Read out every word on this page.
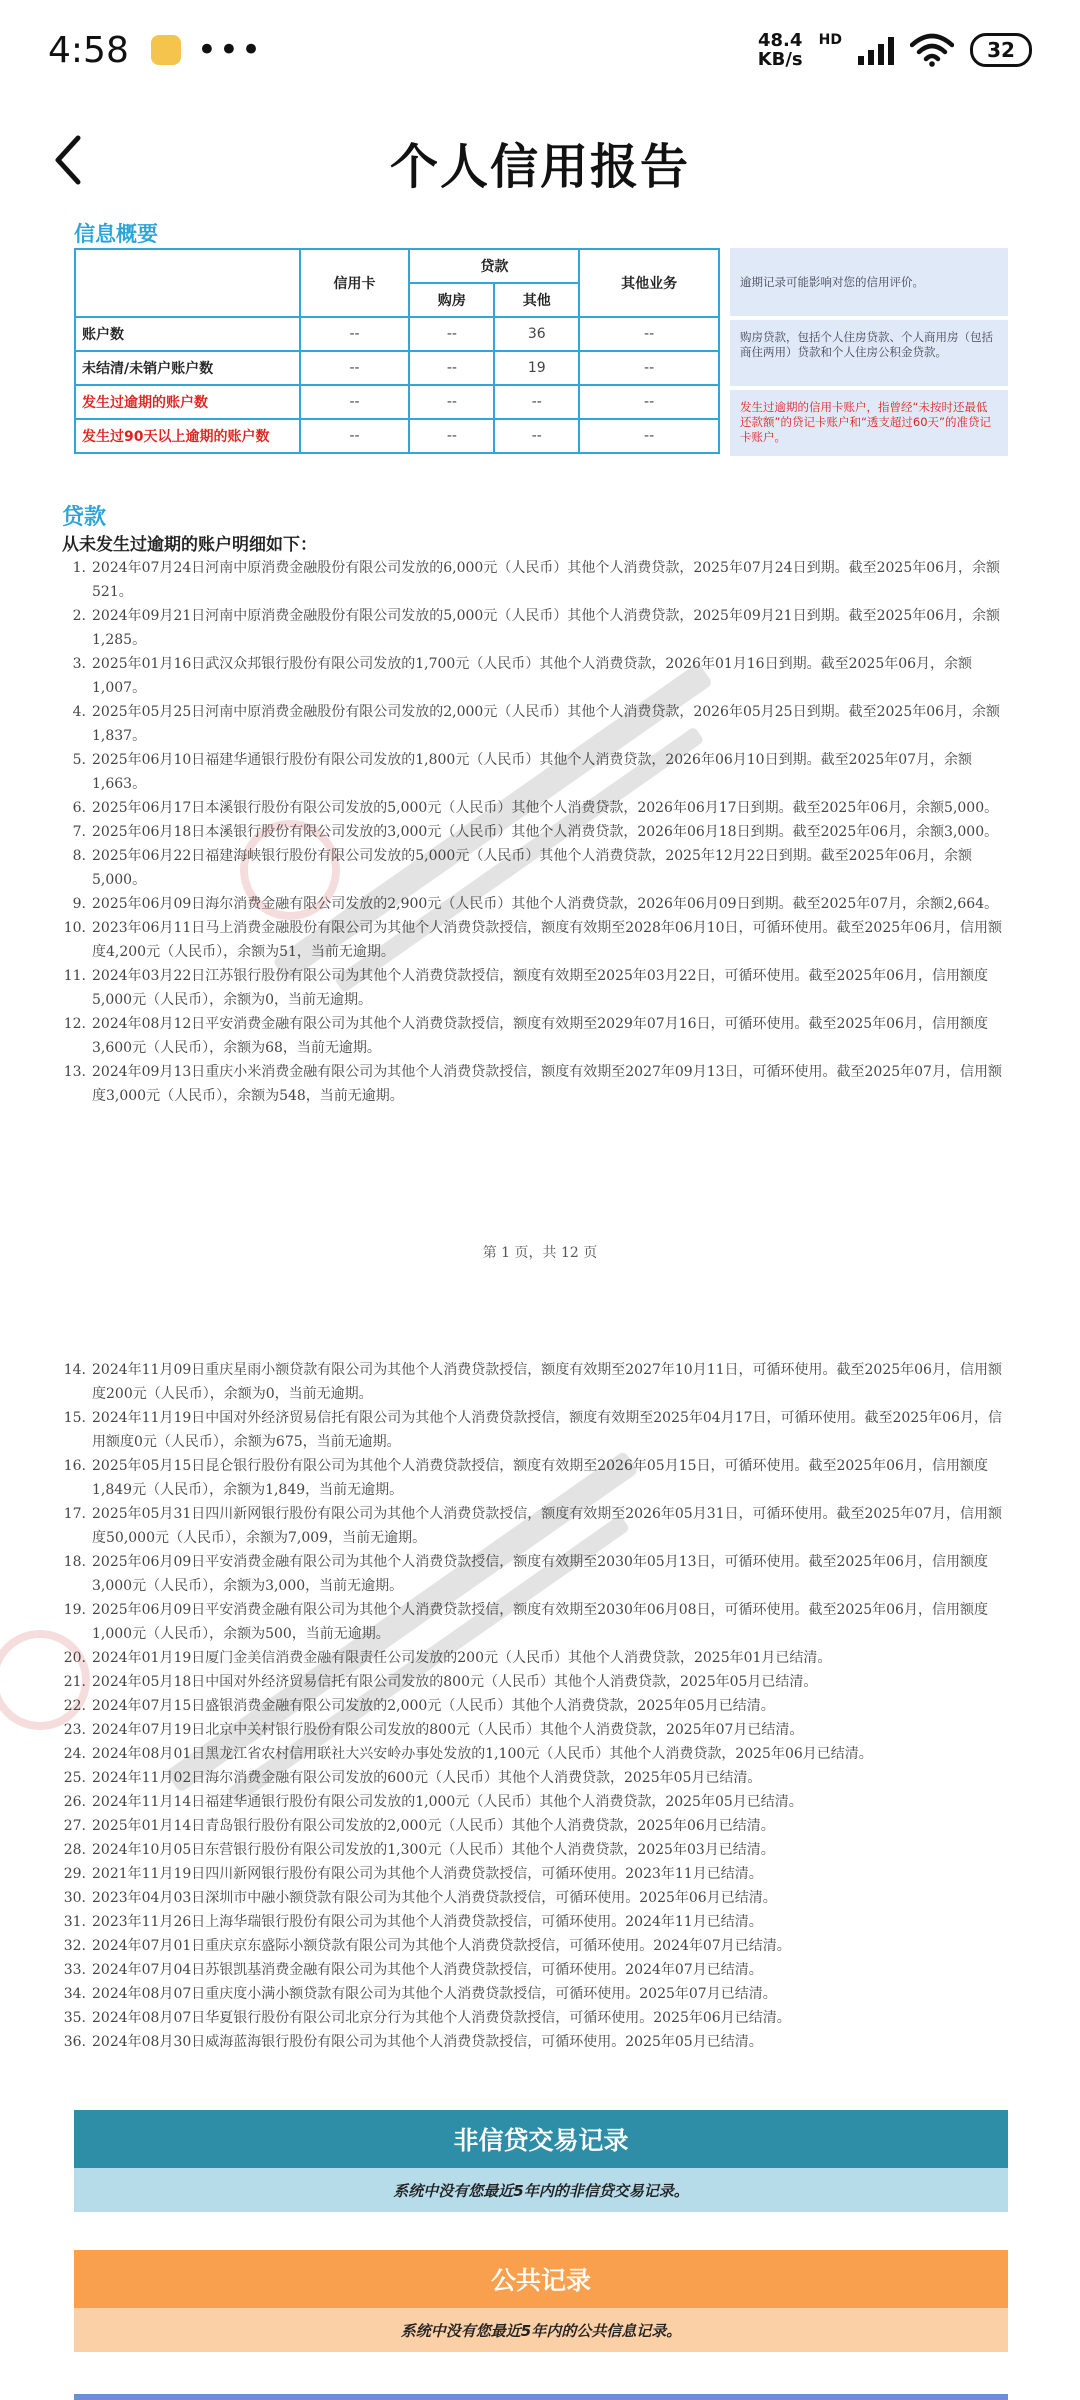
4:58 •••	48.4
KB/s
HD	32
个人信用报告
信息概要
	信用卡	贷款		其他业务
		购房	其他	
账户数	--	--	36	--
未结清/未销户账户数	--	--	19	--
发生过逾期的账户数	--	--	--	--
发生过90天以上逾期的账户数	--	--	--	--
逾期记录可能影响对您的信用评价。
购房贷款，包括个人住房贷款、个人商用房（包括商住两用）贷款和个人住房公积金贷款。
发生过逾期的信用卡账户，指曾经“未按时还最低还款额”的贷记卡账户和“透支超过60天”的准贷记卡账户。
贷款
从未发生过逾期的账户明细如下：
1. 2024年07月24日河南中原消费金融股份有限公司发放的6,000元（人民币）其他个人消费贷款，2025年07月24日到期。截至2025年06月，余额521。
2. 2024年09月21日河南中原消费金融股份有限公司发放的5,000元（人民币）其他个人消费贷款，2025年09月21日到期。截至2025年06月，余额1,285。
3. 2025年01月16日武汉众邦银行股份有限公司发放的1,700元（人民币）其他个人消费贷款，2026年01月16日到期。截至2025年06月，余额1,007。
4. 2025年05月25日河南中原消费金融股份有限公司发放的2,000元（人民币）其他个人消费贷款，2026年05月25日到期。截至2025年06月，余额1,837。
5. 2025年06月10日福建华通银行股份有限公司发放的1,800元（人民币）其他个人消费贷款，2026年06月10日到期。截至2025年07月，余额1,663。
6. 2025年06月17日本溪银行股份有限公司发放的5,000元（人民币）其他个人消费贷款，2026年06月17日到期。截至2025年06月，余额5,000。
7. 2025年06月18日本溪银行股份有限公司发放的3,000元（人民币）其他个人消费贷款，2026年06月18日到期。截至2025年06月，余额3,000。
8. 2025年06月22日福建海峡银行股份有限公司发放的5,000元（人民币）其他个人消费贷款，2025年12月22日到期。截至2025年06月，余额5,000。
9. 2025年06月09日海尔消费金融有限公司发放的2,900元（人民币）其他个人消费贷款，2026年06月09日到期。截至2025年07月，余额2,664。
10. 2023年06月11日马上消费金融股份有限公司为其他个人消费贷款授信，额度有效期至2028年06月10日，可循环使用。截至2025年06月，信用额度4,200元（人民币），余额为51，当前无逾期。
11. 2024年03月22日江苏银行股份有限公司为其他个人消费贷款授信，额度有效期至2025年03月22日，可循环使用。截至2025年06月，信用额度5,000元（人民币），余额为0，当前无逾期。
12. 2024年08月12日平安消费金融有限公司为其他个人消费贷款授信，额度有效期至2029年07月16日，可循环使用。截至2025年06月，信用额度3,600元（人民币），余额为68，当前无逾期。
13. 2024年09月13日重庆小米消费金融有限公司为其他个人消费贷款授信，额度有效期至2027年09月13日，可循环使用。截至2025年07月，信用额度3,000元（人民币），余额为548，当前无逾期。
第 1 页，共 12 页
14. 2024年11月09日重庆星雨小额贷款有限公司为其他个人消费贷款授信，额度有效期至2027年10月11日，可循环使用。截至2025年06月，信用额度200元（人民币），余额为0，当前无逾期。
15. 2024年11月19日中国对外经济贸易信托有限公司为其他个人消费贷款授信，额度有效期至2025年04月17日，可循环使用。截至2025年06月，信用额度0元（人民币），余额为675，当前无逾期。
16. 2025年05月15日昆仑银行股份有限公司为其他个人消费贷款授信，额度有效期至2026年05月15日，可循环使用。截至2025年06月，信用额度1,849元（人民币），余额为1,849，当前无逾期。
17. 2025年05月31日四川新网银行股份有限公司为其他个人消费贷款授信，额度有效期至2026年05月31日，可循环使用。截至2025年07月，信用额度50,000元（人民币），余额为7,009，当前无逾期。
18. 2025年06月09日平安消费金融有限公司为其他个人消费贷款授信，额度有效期至2030年05月13日，可循环使用。截至2025年06月，信用额度3,000元（人民币），余额为3,000，当前无逾期。
19. 2025年06月09日平安消费金融有限公司为其他个人消费贷款授信，额度有效期至2030年06月08日，可循环使用。截至2025年06月，信用额度1,000元（人民币），余额为500，当前无逾期。
20. 2024年01月19日厦门金美信消费金融有限责任公司发放的200元（人民币）其他个人消费贷款，2025年01月已结清。
21. 2024年05月18日中国对外经济贸易信托有限公司发放的800元（人民币）其他个人消费贷款，2025年05月已结清。
22. 2024年07月15日盛银消费金融有限公司发放的2,000元（人民币）其他个人消费贷款，2025年05月已结清。
23. 2024年07月19日北京中关村银行股份有限公司发放的800元（人民币）其他个人消费贷款，2025年07月已结清。
24. 2024年08月01日黑龙江省农村信用联社大兴安岭办事处发放的1,100元（人民币）其他个人消费贷款，2025年06月已结清。
25. 2024年11月02日海尔消费金融有限公司发放的600元（人民币）其他个人消费贷款，2025年05月已结清。
26. 2024年11月14日福建华通银行股份有限公司发放的1,000元（人民币）其他个人消费贷款，2025年05月已结清。
27. 2025年01月14日青岛银行股份有限公司发放的2,000元（人民币）其他个人消费贷款，2025年06月已结清。
28. 2024年10月05日东营银行股份有限公司发放的1,300元（人民币）其他个人消费贷款，2025年03月已结清。
29. 2021年11月19日四川新网银行股份有限公司为其他个人消费贷款授信，可循环使用。2023年11月已结清。
30. 2023年04月03日深圳市中融小额贷款有限公司为其他个人消费贷款授信，可循环使用。2025年06月已结清。
31. 2023年11月26日上海华瑞银行股份有限公司为其他个人消费贷款授信，可循环使用。2024年11月已结清。
32. 2024年07月01日重庆京东盛际小额贷款有限公司为其他个人消费贷款授信，可循环使用。2024年07月已结清。
33. 2024年07月04日苏银凯基消费金融有限公司为其他个人消费贷款授信，可循环使用。2024年07月已结清。
34. 2024年08月07日重庆度小满小额贷款有限公司为其他个人消费贷款授信，可循环使用。2025年07月已结清。
35. 2024年08月07日华夏银行股份有限公司北京分行为其他个人消费贷款授信，可循环使用。2025年06月已结清。
36. 2024年08月30日威海蓝海银行股份有限公司为其他个人消费贷款授信，可循环使用。2025年05月已结清。
非信贷交易记录
系统中没有您最近5年内的非信贷交易记录。
公共记录
系统中没有您最近5年内的公共信息记录。
